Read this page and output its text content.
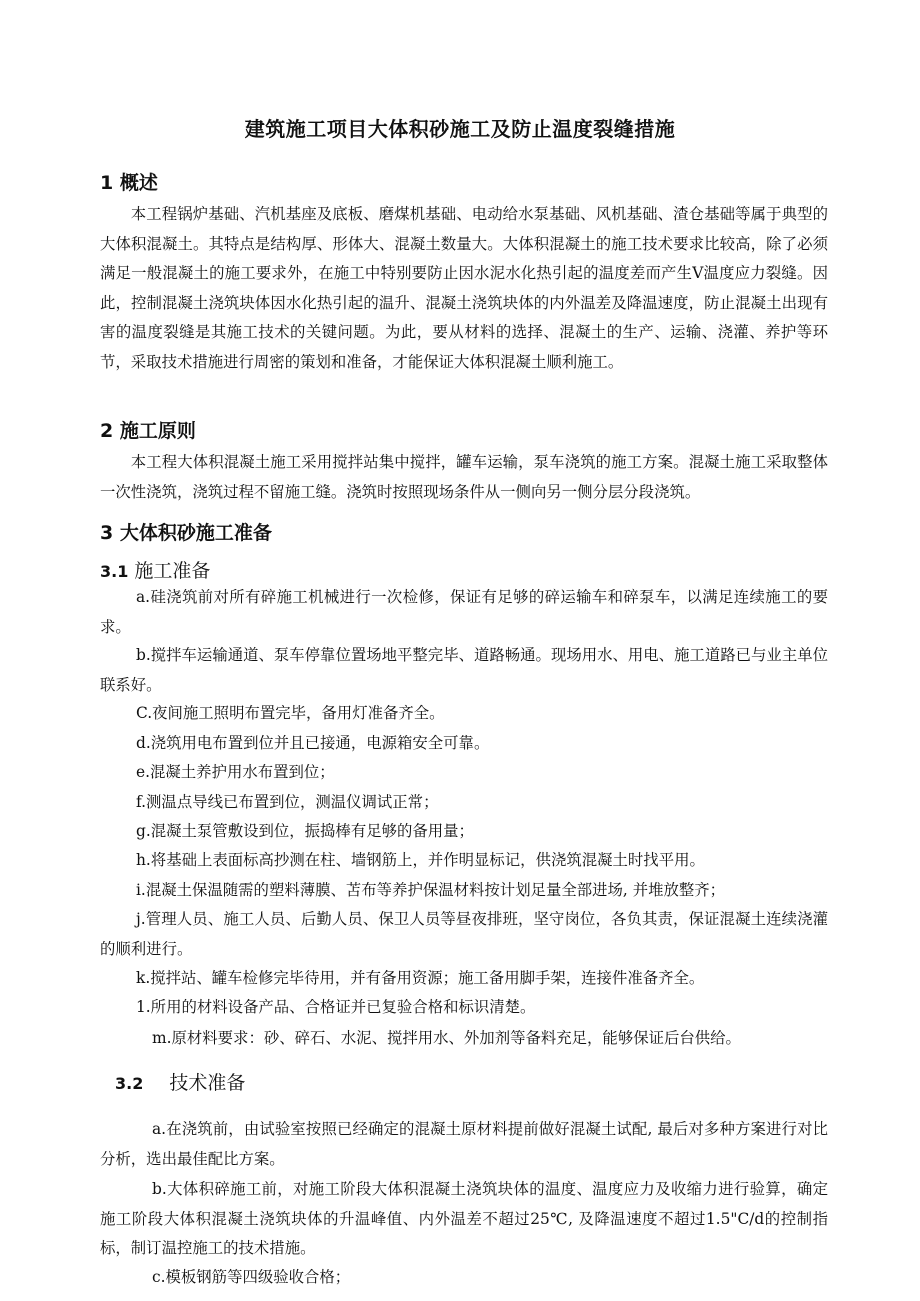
建筑施工项目大体积砂施工及防止温度裂缝措施
1 概述

本工程锅炉基础、汽机基座及底板、磨煤机基础、电动给水泵基础、风机基础、渣仓基础等属于典型的大体积混凝土。其特点是结构厚、形体大、混凝土数量大。大体积混凝土的施工技术要求比较高，除了必须满足一般混凝土的施工要求外，在施工中特别要防止因水泥水化热引起的温度差而产生Ⅴ温度应力裂缝。因此，控制混凝土浇筑块体因水化热引起的温升、混凝土浇筑块体的内外温差及降温速度，防止混凝土出现有害的温度裂缝是其施工技术的关键问题。为此，要从材料的选择、混凝土的生产、运输、浇灌、养护等环节，采取技术措施进行周密的策划和准备，才能保证大体积混凝土顺利施工。

2 施工原则

本工程大体积混凝土施工采用搅拌站集中搅拌，罐车运输，泵车浇筑的施工方案。混凝土施工采取整体一次性浇筑，浇筑过程不留施工缝。浇筑时按照现场条件从一侧向另一侧分层分段浇筑。

3 大体积砂施工准备
3.1 施工准备

a.硅浇筑前对所有碎施工机械进行一次检修，保证有足够的碎运输车和碎泵车，以满足连续施工的要求。

b.搅拌车运输通道、泵车停靠位置场地平整完毕、道路畅通。现场用水、用电、施工道路已与业主单位联系好。

C.夜间施工照明布置完毕，备用灯准备齐全。

d.浇筑用电布置到位并且已接通，电源箱安全可靠。

e.混凝土养护用水布置到位；

f.测温点导线已布置到位，测温仪调试正常；

g.混凝土泵管敷设到位，振捣棒有足够的备用量；

h.将基础上表面标高抄测在柱、墙钢筋上，并作明显标记，供浇筑混凝土时找平用。

i.混凝土保温随需的塑料薄膜、苫布等养护保温材料按计划足量全部进场, 并堆放整齐；

j.管理人员、施工人员、后勤人员、保卫人员等昼夜排班，坚守岗位，各负其责，保证混凝土连续浇灌的顺利进行。

k.搅拌站、罐车检修完毕待用，并有备用资源；施工备用脚手架，连接件准备齐全。

1.所用的材料设备产品、合格证并已复验合格和标识清楚。

m.原材料要求：砂、碎石、水泥、搅拌用水、外加剂等备料充足，能够保证后台供给。

3.2 技术准备

a.在浇筑前，由试验室按照已经确定的混凝土原材料提前做好混凝土试配, 最后对多种方案进行对比分析，选出最佳配比方案。

b.大体积碎施工前，对施工阶段大体积混凝土浇筑块体的温度、温度应力及收缩力进行验算，确定施工阶段大体积混凝土浇筑块体的升温峰值、内外温差不超过25℃, 及降温速度不超过1.5"C/d的控制指标，制订温控施工的技术措施。

c.模板钢筋等四级验收合格；
